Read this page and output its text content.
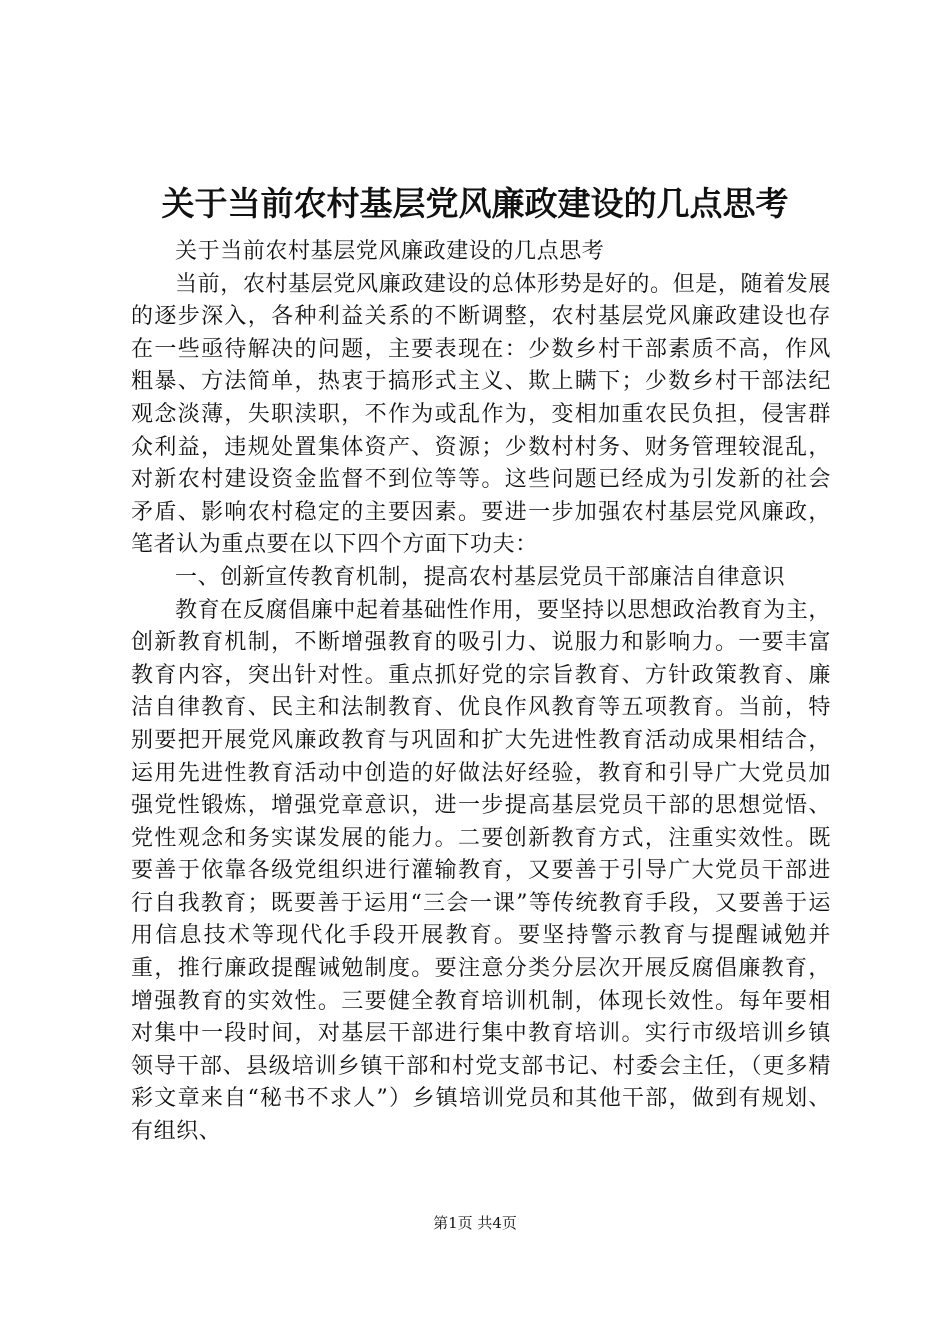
关于当前农村基层党风廉政建设的几点思考

关于当前农村基层党风廉政建设的几点思考

当前，农村基层党风廉政建设的总体形势是好的。但是，随着发展的逐步深入，各种利益关系的不断调整，农村基层党风廉政建设也存在一些亟待解决的问题，主要表现在：少数乡村干部素质不高，作风粗暴、方法简单，热衷于搞形式主义、欺上瞒下；少数乡村干部法纪观念淡薄，失职渎职，不作为或乱作为，变相加重农民负担，侵害群众利益，违规处置集体资产、资源；少数村村务、财务管理较混乱，对新农村建设资金监督不到位等等。这些问题已经成为引发新的社会矛盾、影响农村稳定的主要因素。要进一步加强农村基层党风廉政，笔者认为重点要在以下四个方面下功夫：

一、创新宣传教育机制，提高农村基层党员干部廉洁自律意识

教育在反腐倡廉中起着基础性作用，要坚持以思想政治教育为主，创新教育机制，不断增强教育的吸引力、说服力和影响力。一要丰富教育内容，突出针对性。重点抓好党的宗旨教育、方针政策教育、廉洁自律教育、民主和法制教育、优良作风教育等五项教育。当前，特别要把开展党风廉政教育与巩固和扩大先进性教育活动成果相结合，运用先进性教育活动中创造的好做法好经验，教育和引导广大党员加强党性锻炼，增强党章意识，进一步提高基层党员干部的思想觉悟、党性观念和务实谋发展的能力。二要创新教育方式，注重实效性。既要善于依靠各级党组织进行灌输教育，又要善于引导广大党员干部进行自我教育；既要善于运用“三会一课”等传统教育手段，又要善于运用信息技术等现代化手段开展教育。要坚持警示教育与提醒诫勉并重，推行廉政提醒诫勉制度。要注意分类分层次开展反腐倡廉教育，增强教育的实效性。三要健全教育培训机制，体现长效性。每年要相对集中一段时间，对基层干部进行集中教育培训。实行市级培训乡镇领导干部、县级培训乡镇干部和村党支部书记、村委会主任，（更多精彩文章来自“秘书不求人”）乡镇培训党员和其他干部，做到有规划、有组织、

第1页 共4页
